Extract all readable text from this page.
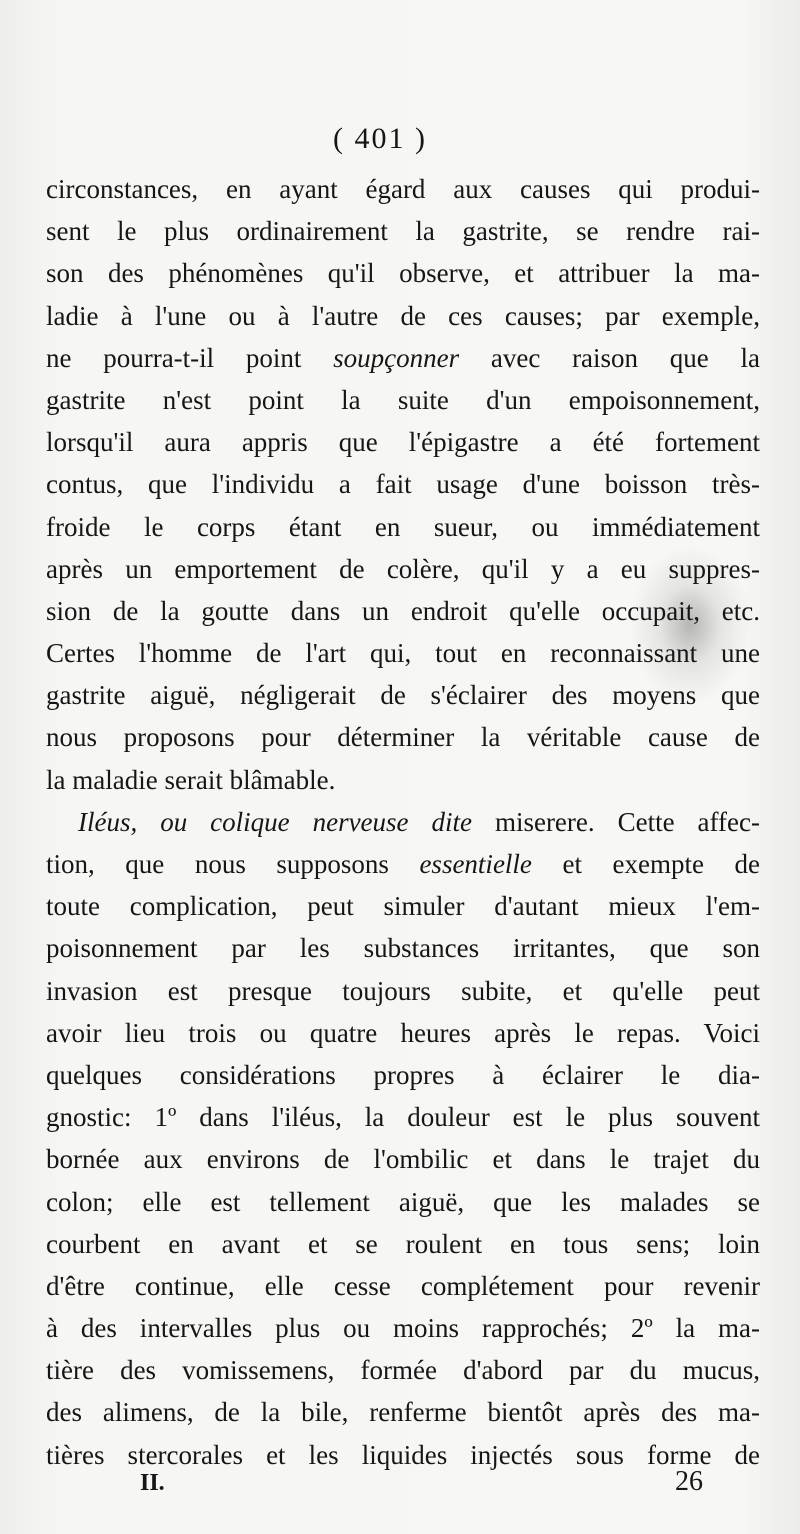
( 401 )
circonstances, en ayant égard aux causes qui produi-
sent le plus ordinairement la gastrite, se rendre rai-
son des phénomènes qu'il observe, et attribuer la ma-
ladie à l'une ou à l'autre de ces causes; par exemple,
ne pourra-t-il point soupçonner avec raison que la
gastrite n'est point la suite d'un empoisonnement,
lorsqu'il aura appris que l'épigastre a été fortement
contus, que l'individu a fait usage d'une boisson très-
froide le corps étant en sueur, ou immédiatement
après un emportement de colère, qu'il y a eu suppres-
sion de la goutte dans un endroit qu'elle occupait, etc.
Certes l'homme de l'art qui, tout en reconnaissant une
gastrite aiguë, négligerait de s'éclairer des moyens que
nous proposons pour déterminer la véritable cause de
la maladie serait blâmable.
Iléus, ou colique nerveuse dite miserere. Cette affec-
tion, que nous supposons essentielle et exempte de
toute complication, peut simuler d'autant mieux l'em-
poisonnement par les substances irritantes, que son
invasion est presque toujours subite, et qu'elle peut
avoir lieu trois ou quatre heures après le repas. Voici
quelques considérations propres à éclairer le dia-
gnostic: 1º dans l'iléus, la douleur est le plus souvent
bornée aux environs de l'ombilic et dans le trajet du
colon; elle est tellement aiguë, que les malades se
courbent en avant et se roulent en tous sens; loin
d'être continue, elle cesse complétement pour revenir
à des intervalles plus ou moins rapprochés; 2º la ma-
tière des vomissemens, formée d'abord par du mucus,
des alimens, de la bile, renferme bientôt après des ma-
tières stercorales et les liquides injectés sous forme de
II.	26
